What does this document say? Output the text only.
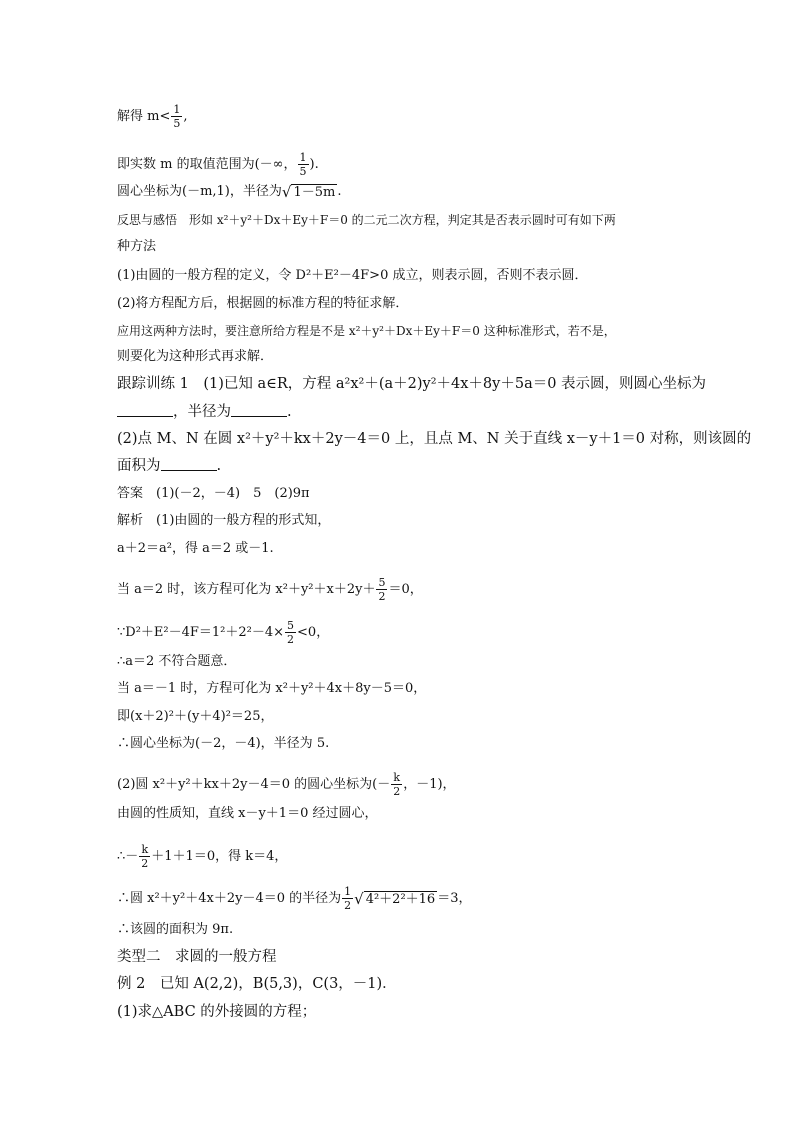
解得 $m< \frac{1}{5}$ ,
即实数 m 的取值范围为(－∞， $\frac{1}{5}$ ).
圆心坐标为(－m,1)，半径为 √ 1－5m .
反思与感悟　形如 x²＋y²＋Dx＋Ey＋F＝0 的二元二次方程，判定其是否表示圆时可有如下两
种方法
(1)由圆的一般方程的定义，令 D²＋E²－4F>0 成立，则表示圆，否则不表示圆．
(2)将方程配方后，根据圆的标准方程的特征求解．
应用这两种方法时，要注意所给方程是不是 x²＋y²＋Dx＋Ey＋F＝0 这种标准形式，若不是，
则要化为这种形式再求解．
跟踪训练 1　(1)已知 a∈R，方程 a²x²＋(a＋2)y²＋4x＋8y＋5a＝0 表示圆，则圆心坐标为
，半径为	.
(2)点 M、N 在圆 x²＋y²＋kx＋2y－4＝0 上，且点 M、N 关于直线 x－y＋1＝0 对称，则该圆的
面积为	.
答案　(1)(－2，－4)　5　(2)9π
解析　(1)由圆的一般方程的形式知，
a＋2＝a²，得 a＝2 或－1.
当 a＝2 时，该方程可化为 $x^2+y^2+x+2y+ \frac{5}{2} =0$，
∵D²＋E²－4F＝1²＋2²－4× $\frac{5}{2} <0$，
∴a＝2 不符合题意．
当 a＝－1 时，方程可化为 x²＋y²＋4x＋8y－5＝0，
即(x＋2)²＋(y＋4)²＝25，
∴圆心坐标为(－2，－4)，半径为 5.
(2)圆 x²＋y²＋kx＋2y－4＝0 的圆心坐标为(－ $\frac{k}{2}$ ，－1)，
由圆的性质知，直线 x－y＋1＝0 经过圆心，
∴－ $\frac{k}{2} +1+1=0$，得 k＝4，
∴圆 x²＋y²＋4x＋2y－4＝0 的半径为 $\frac{1}{2}$ √ 4²＋2²＋16 ＝3，
∴该圆的面积为 9π.
类型二　求圆的一般方程
例 2　已知 A(2,2)，B(5,3)，C(3，－1)．
(1)求△ABC 的外接圆的方程；
